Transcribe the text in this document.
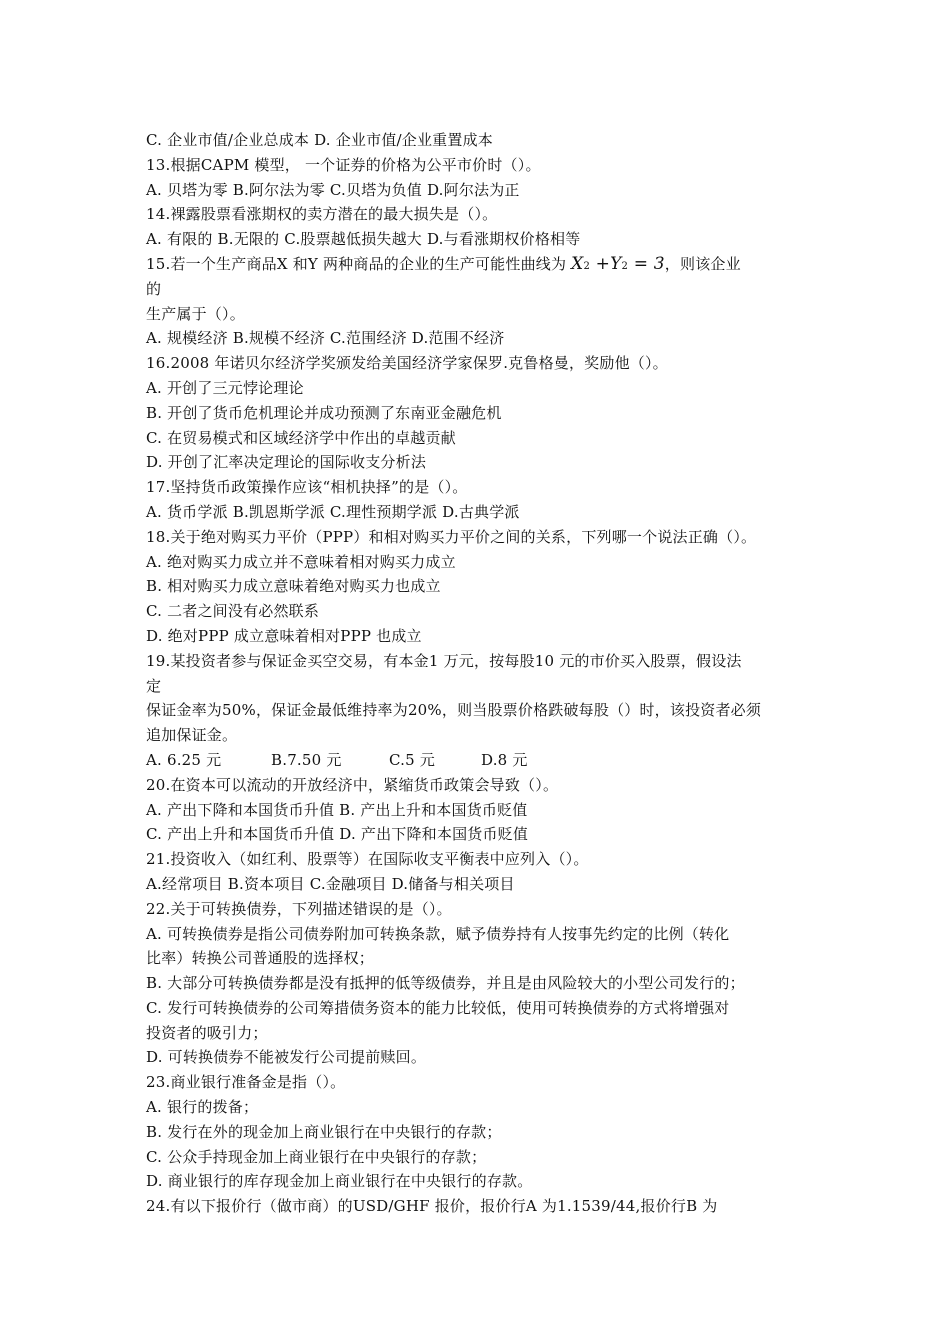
C. 企业市值/企业总成本 D. 企业市值/企业重置成本
13.根据CAPM 模型， 一个证券的价格为公平市价时（）。
A. 贝塔为零 B.阿尔法为零 C.贝塔为负值 D.阿尔法为正
14.裸露股票看涨期权的卖方潜在的最大损失是（）。
A. 有限的 B.无限的 C.股票越低损失越大 D.与看涨期权价格相等
15.若一个生产商品X 和Y 两种商品的企业的生产可能性曲线为 X2 +Y2 = 3，则该企业
的
生产属于（）。
A. 规模经济 B.规模不经济 C.范围经济 D.范围不经济
16.2008 年诺贝尔经济学奖颁发给美国经济学家保罗.克鲁格曼，奖励他（）。
A. 开创了三元悖论理论
B. 开创了货币危机理论并成功预测了东南亚金融危机
C. 在贸易模式和区域经济学中作出的卓越贡献
D. 开创了汇率决定理论的国际收支分析法
17.坚持货币政策操作应该“相机抉择”的是（）。
A. 货币学派 B.凯恩斯学派 C.理性预期学派 D.古典学派
18.关于绝对购买力平价（PPP）和相对购买力平价之间的关系，下列哪一个说法正确（）。
A. 绝对购买力成立并不意味着相对购买力成立
B. 相对购买力成立意味着绝对购买力也成立
C. 二者之间没有必然联系
D. 绝对PPP 成立意味着相对PPP 也成立
19.某投资者参与保证金买空交易，有本金1 万元，按每股10 元的市价买入股票，假设法
定
保证金率为50%，保证金最低维持率为20%，则当股票价格跌破每股（）时，该投资者必须
追加保证金。
A. 6.25 元	B.7.50 元	C.5 元	D.8 元
20.在资本可以流动的开放经济中，紧缩货币政策会导致（）。
A. 产出下降和本国货币升值 B. 产出上升和本国货币贬值
C. 产出上升和本国货币升值 D. 产出下降和本国货币贬值
21.投资收入（如红利、股票等）在国际收支平衡表中应列入（）。
A.经常项目 B.资本项目 C.金融项目 D.储备与相关项目
22.关于可转换债券，下列描述错误的是（）。
A. 可转换债券是指公司债券附加可转换条款，赋予债券持有人按事先约定的比例（转化
比率）转换公司普通股的选择权；
B. 大部分可转换债券都是没有抵押的低等级债券，并且是由风险较大的小型公司发行的；
C. 发行可转换债券的公司筹措债务资本的能力比较低，使用可转换债券的方式将增强对
投资者的吸引力；
D. 可转换债券不能被发行公司提前赎回。
23.商业银行准备金是指（）。
A. 银行的拨备；
B. 发行在外的现金加上商业银行在中央银行的存款；
C. 公众手持现金加上商业银行在中央银行的存款；
D. 商业银行的库存现金加上商业银行在中央银行的存款。
24.有以下报价行（做市商）的USD/GHF 报价，报价行A 为1.1539/44,报价行B 为
